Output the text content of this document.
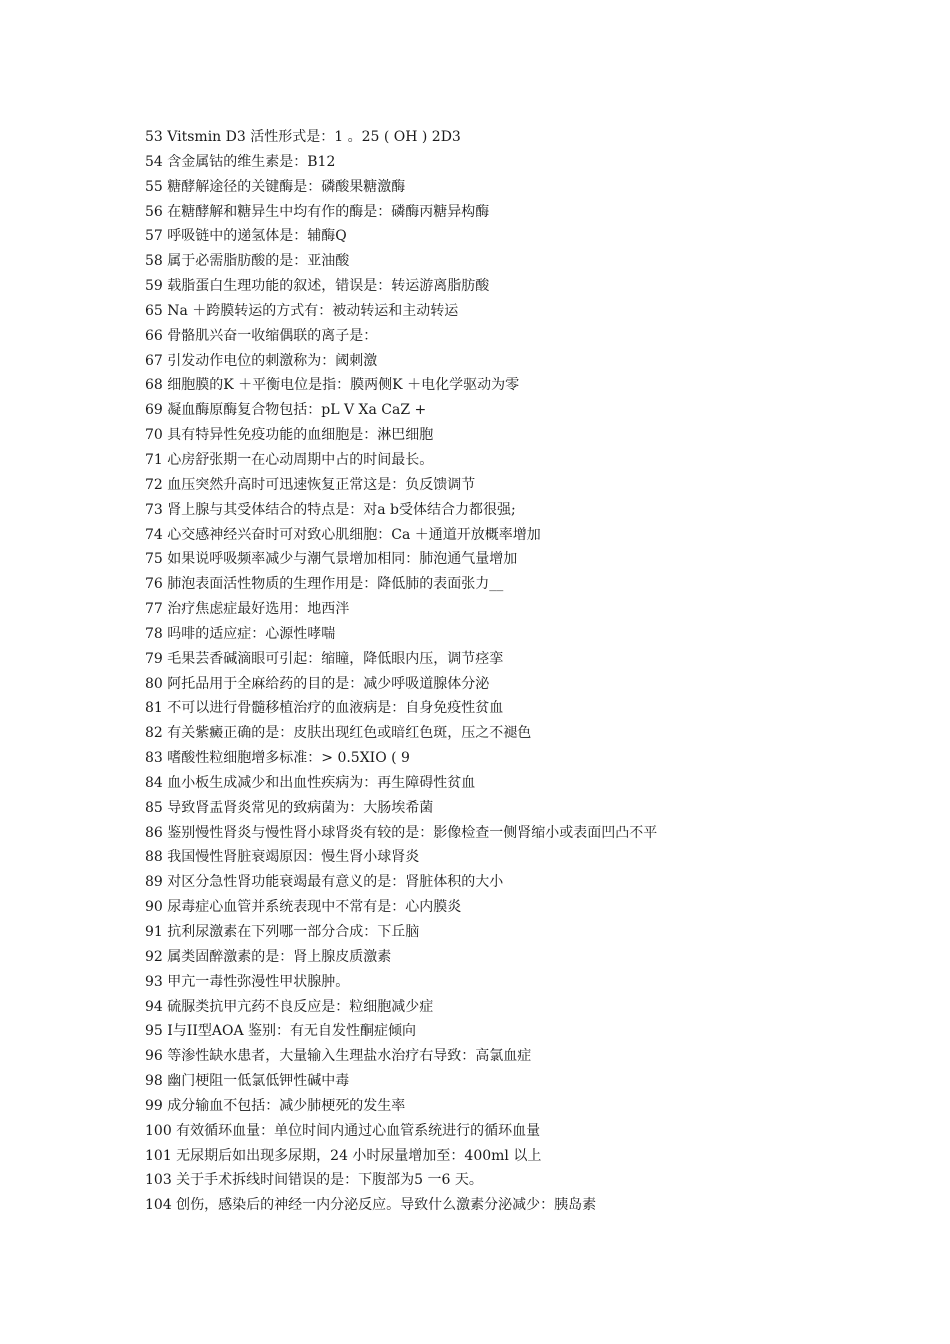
53 Vitsmin D3 活性形式是：1 。25 ( OH ) 2D3
54 含金属钴的维生素是：B12
55 糖酵解途径的关键酶是：磷酸果糖激酶
56 在糖酵解和糖异生中均有作的酶是：磷酶丙糖异构酶
57 呼吸链中的递氢体是：辅酶Q
58 属于必需脂肪酸的是：亚油酸
59 载脂蛋白生理功能的叙述，错误是：转运游离脂肪酸
65 Na ＋跨膜转运的方式有：被动转运和主动转运
66 骨骼肌兴奋一收缩偶联的离子是：
67 引发动作电位的刺激称为：阈刺激
68 细胞膜的K ＋平衡电位是指：膜两侧K ＋电化学驱动为零
69 凝血酶原酶复合物包括：pL V Xa CaZ +
70 具有特异性免疫功能的血细胞是：淋巴细胞
71 心房舒张期一在心动周期中占的时间最长。
72 血压突然升高时可迅速恢复正常这是：负反馈调节
73 肾上腺与其受体结合的特点是：对a b受体结合力都很强;
74 心交感神经兴奋时可对致心肌细胞：Ca ＋通道开放概率增加
75 如果说呼吸频率减少与潮气景增加相同：肺泡通气量增加
76 肺泡表面活性物质的生理作用是：降低肺的表面张力__
77 治疗焦虑症最好选用：地西泮
78 吗啡的适应症：心源性哮喘
79 毛果芸香碱滴眼可引起：缩瞳，降低眼内压，调节痉挛
80 阿托品用于全麻给药的目的是：减少呼吸道腺体分泌
81 不可以进行骨髓移植治疗的血液病是：自身免疫性贫血
82 有关紫癜正确的是：皮肤出现红色或暗红色斑，压之不褪色
83 嗜酸性粒细胞增多标准：> 0.5XIO ( 9
84 血小板生成减少和出血性疾病为：再生障碍性贫血
85 导致肾盂肾炎常见的致病菌为：大肠埃希菌
86 鉴别慢性肾炎与慢性肾小球肾炎有较的是：影像检查一侧肾缩小或表面凹凸不平
88 我国慢性肾脏衰竭原因：慢生肾小球肾炎
89 对区分急性肾功能衰竭最有意义的是：肾脏体积的大小
90 尿毒症心血管并系统表现中不常有是：心内膜炎
91 抗利尿激素在下列哪一部分合成：下丘脑
92 属类固醉激素的是：肾上腺皮质激素
93 甲亢一毒性弥漫性甲状腺肿。
94 硫脲类抗甲亢药不良反应是：粒细胞减少症
95 I与II型AOA 鉴别：有无自发性酮症倾向
96 等渗性缺水患者，大量输入生理盐水治疗右导致：高氯血症
98 幽门梗阻一低氯低钾性碱中毒
99 成分输血不包括：减少肺梗死的发生率
100 有效循环血量：单位时间内通过心血管系统进行的循环血量
101 无尿期后如出现多尿期，24 小时尿量增加至：400ml 以上
103 关于手术拆线时间错误的是：下腹部为5 一6 天。
104 创伤，感染后的神经一内分泌反应。导致什么激素分泌减少：胰岛素
